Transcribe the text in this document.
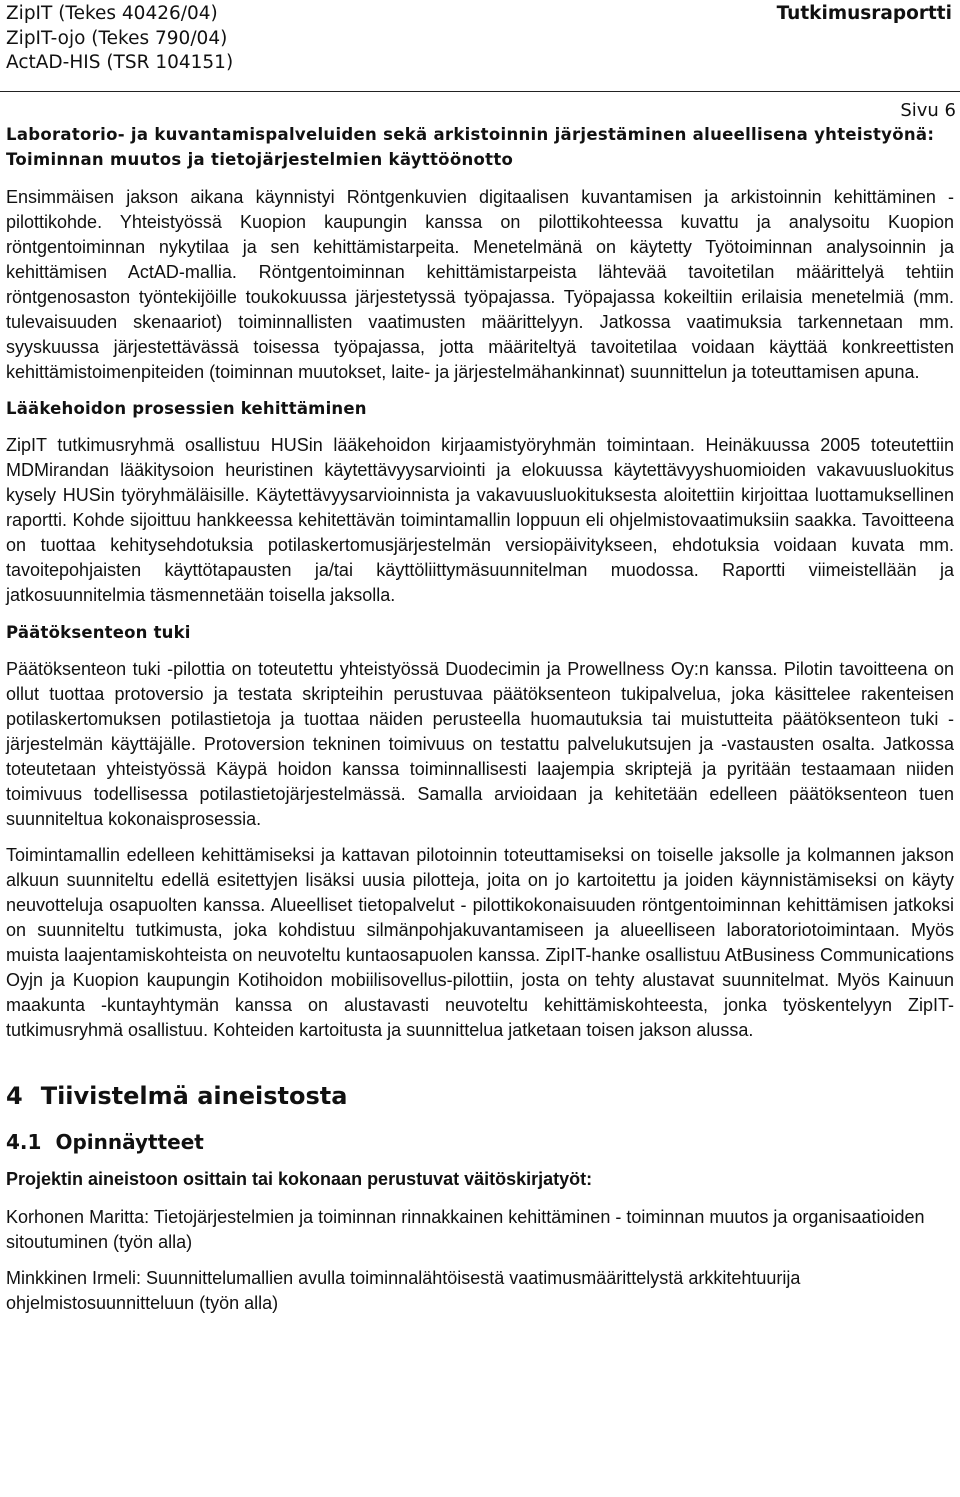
ZipIT (Tekes 40426/04)
ZipIT-ojo (Tekes 790/04)
ActAD-HIS (TSR 104151)
Tutkimusraportti
Sivu 6

Laboratorio- ja kuvantamispalveluiden sekä arkistoinnin järjestäminen alueellisena yhteistyönä: Toiminnan muutos ja tietojärjestelmien käyttöönotto

Ensimmäisen jakson aikana käynnistyi Röntgenkuvien digitaalisen kuvantamisen ja arkistoinnin kehittäminen -pilottikohde. Yhteistyössä Kuopion kaupungin kanssa on pilottikohteessa kuvattu ja analysoitu Kuopion röntgentoiminnan nykytilaa ja sen kehittämistarpeita. Menetelmänä on käytetty Työtoiminnan analysoinnin ja kehittämisen ActAD-mallia. Röntgentoiminnan kehittämistarpeista lähtevää tavoitetilan määrittelyä tehtiin röntgenosaston työntekijöille toukokuussa järjestetyssä työpajassa. Työpajassa kokeiltiin erilaisia menetelmiä (mm. tulevaisuuden skenaariot) toiminnallisten vaatimusten määrittelyyn. Jatkossa vaatimuksia tarkennetaan mm. syyskuussa järjestettävässä toisessa työpajassa, jotta määriteltyä tavoitetilaa voidaan käyttää konkreettisten kehittämistoimenpiteiden (toiminnan muutokset, laite- ja järjestelmähankinnat) suunnittelun ja toteuttamisen apuna.

Lääkehoidon prosessien kehittäminen

ZipIT tutkimusryhmä osallistuu HUSin lääkehoidon kirjaamistyöryhmän toimintaan. Heinäkuussa 2005 toteutettiin MDMirandan lääkitysoion heuristinen käytettävyysarviointi ja elokuussa käytettävyyshuomioiden vakavuusluokitus kysely HUSin työryhmäläisille. Käytettävyysarvioinnista ja vakavuusluokituksesta aloitettiin kirjoittaa luottamuksellinen raportti. Kohde sijoittuu hankkeessa kehitettävän toimintamallin loppuun eli ohjelmistovaatimuksiin saakka. Tavoitteena on tuottaa kehitysehdotuksia potilaskertomusjärjestelmän versiopäivitykseen, ehdotuksia voidaan kuvata mm. tavoitepohjaisten käyttötapausten ja/tai käyttöliittymäsuunnitelman muodossa. Raportti viimeistellään ja jatkosuunnitelmia täsmennetään toisella jaksolla.

Päätöksenteon tuki

Päätöksenteon tuki -pilottia on toteutettu yhteistyössä Duodecimin ja Prowellness Oy:n kanssa. Pilotin tavoitteena on ollut tuottaa protoversio ja testata skripteihin perustuvaa päätöksenteon tukipalvelua, joka käsittelee rakenteisen potilaskertomuksen potilastietoja ja tuottaa näiden perusteella huomautuksia tai muistutteita päätöksenteon tuki -järjestelmän käyttäjälle. Protoversion tekninen toimivuus on testattu palvelukutsujen ja -vastausten osalta. Jatkossa toteutetaan yhteistyössä Käypä hoidon kanssa toiminnallisesti laajempia skriptejä ja pyritään testaamaan niiden toimivuus todellisessa potilastietojärjestelmässä. Samalla arvioidaan ja kehitetään edelleen päätöksenteon tuen suunniteltua kokonaisprosessia.

Toimintamallin edelleen kehittämiseksi ja kattavan pilotoinnin toteuttamiseksi on toiselle jaksolle ja kolmannen jakson alkuun suunniteltu edellä esitettyjen lisäksi uusia pilotteja, joita on jo kartoitettu ja joiden käynnistämiseksi on käyty neuvotteluja osapuolten kanssa. Alueelliset tietopalvelut - pilottikokonaisuuden röntgentoiminnan kehittämisen jatkoksi on suunniteltu tutkimusta, joka kohdistuu silmänpohjakuvantamiseen ja alueelliseen laboratoriotoimintaan. Myös muista laajentamiskohteista on neuvoteltu kuntaosapuolen kanssa. ZipIT-hanke osallistuu AtBusiness Communications Oyjn ja Kuopion kaupungin Kotihoidon mobiilisovellus-pilottiin, josta on tehty alustavat suunnitelmat. Myös Kainuun maakunta -kuntayhtymän kanssa on alustavasti neuvoteltu kehittämiskohteesta, jonka työskentelyyn ZipIT-tutkimusryhmä osallistuu. Kohteiden kartoitusta ja suunnittelua jatketaan toisen jakson alussa.

4 Tiivistelmä aineistosta

4.1 Opinnäytteet

Projektin aineistoon osittain tai kokonaan perustuvat väitöskirjatyöt:

Korhonen Maritta: Tietojärjestelmien ja toiminnan rinnakkainen kehittäminen - toiminnan muutos ja organisaatioiden sitoutuminen (työn alla)

Minkkinen Irmeli: Suunnittelumallien avulla toiminnalähtöisestä vaatimusmäärittelystä arkkitehtuurija ohjelmistosuunnitteluun (työn alla)
